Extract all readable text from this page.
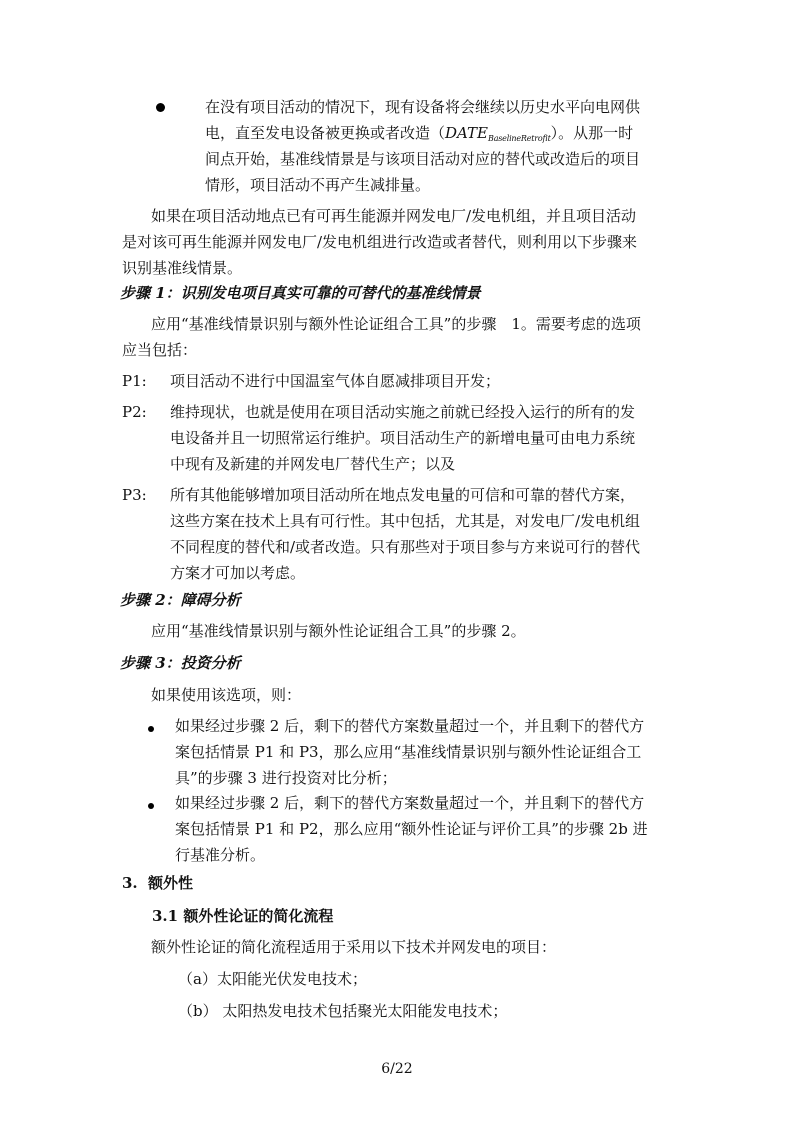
在没有项目活动的情况下，现有设备将会继续以历史水平向电网供
电，直至发电设备被更换或者改造$(DATE_{BaselineRetrofit})$。从那一时
间点开始，基准线情景是与该项目活动对应的替代或改造后的项目
情形，项目活动不再产生减排量。
如果在项目活动地点已有可再生能源并网发电厂/发电机组，并且项目活动
是对该可再生能源并网发电厂/发电机组进行改造或者替代，则利用以下步骤来
识别基准线情景。
步骤 1：识别发电项目真实可靠的可替代的基准线情景
应用“基准线情景识别与额外性论证组合工具”的步骤　1。需要考虑的选项
应当包括：
P1: 项目活动不进行中国温室气体自愿减排项目开发；
P2: 维持现状，也就是使用在项目活动实施之前就已经投入运行的所有的发
电设备并且一切照常运行维护。项目活动生产的新增电量可由电力系统
中现有及新建的并网发电厂替代生产；以及
P3: 所有其他能够增加项目活动所在地点发电量的可信和可靠的替代方案，
这些方案在技术上具有可行性。其中包括，尤其是，对发电厂/发电机组
不同程度的替代和/或者改造。只有那些对于项目参与方来说可行的替代
方案才可加以考虑。
步骤 2：障碍分析
应用“基准线情景识别与额外性论证组合工具”的步骤 2。
步骤 3：投资分析
如果使用该选项，则：
如果经过步骤 2 后，剩下的替代方案数量超过一个，并且剩下的替代方
案包括情景 P1 和 P3，那么应用“基准线情景识别与额外性论证组合工
具”的步骤 3 进行投资对比分析；
如果经过步骤 2 后，剩下的替代方案数量超过一个，并且剩下的替代方
案包括情景 P1 和 P2，那么应用“额外性论证与评价工具”的步骤 2b 进
行基准分析。
3. 额外性
3.1 额外性论证的简化流程
额外性论证的简化流程适用于采用以下技术并网发电的项目：
（a）太阳能光伏发电技术；
（b） 太阳热发电技术包括聚光太阳能发电技术；
6/22
